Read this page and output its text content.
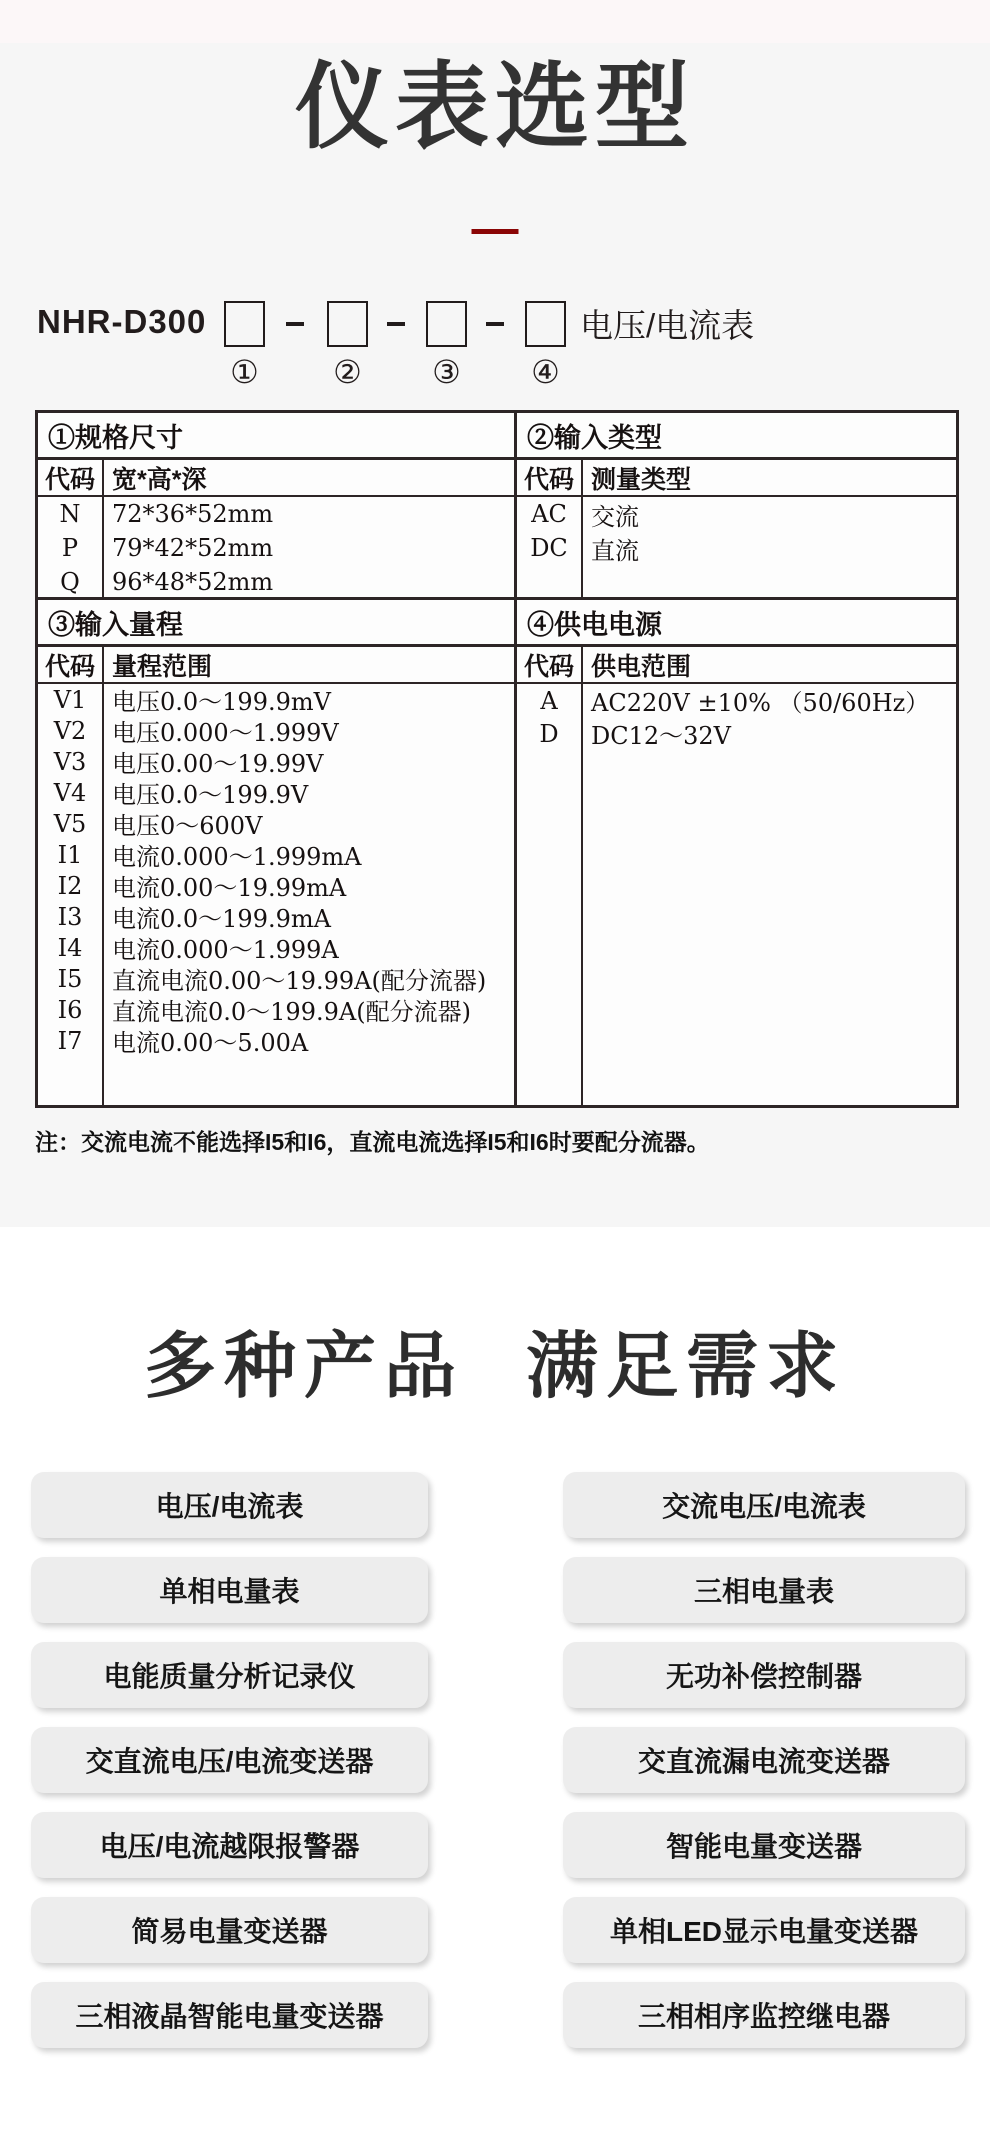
仪表选型
NHR-D300	电压/电流表
① ② ③ ④
①规格尺寸
代码
N
P
Q
宽*高*深
72*36*52mm
79*42*52mm
96*48*52mm
②输入类型
代码
AC
DC
测量类型
交流
直流
③输入量程
代码
V1
V2
V3
V4
V5
I1
I2
I3
I4
I5
I6
I7
量程范围
电压0.0～199.9mV
电压0.000～1.999V
电压0.00～19.99V
电压0.0～199.9V
电压0～600V
电流0.000～1.999mA
电流0.00～19.99mA
电流0.0～199.9mA
电流0.000～1.999A
直流电流0.00～19.99A(配分流器)
直流电流0.0～199.9A(配分流器)
电流0.00～5.00A
④供电电源
代码
A
D
供电范围
AC220V ±10% （50/60Hz）
DC12～32V

注：交流电流不能选择I5和I6，直流电流选择I5和I6时要配分流器。

多种产品 满足需求
电压/电流表
单相电量表
电能质量分析记录仪
交直流电压/电流变送器
电压/电流越限报警器
简易电量变送器
三相液晶智能电量变送器
交流电压/电流表
三相电量表
无功补偿控制器
交直流漏电流变送器
智能电量变送器
单相LED显示电量变送器
三相相序监控继电器
